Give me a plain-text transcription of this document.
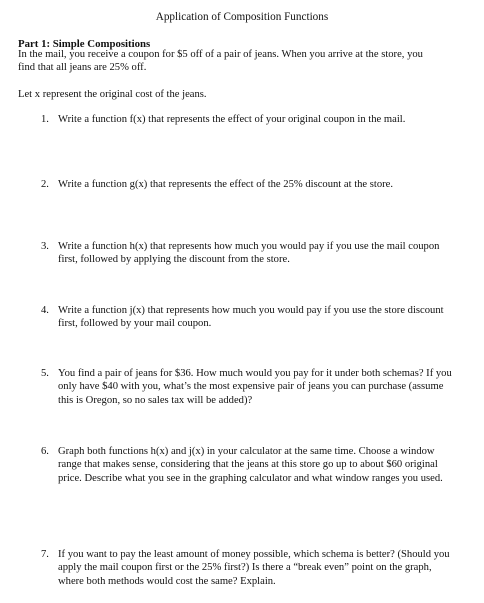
Application of Composition Functions
Part 1: Simple Compositions
In the mail, you receive a coupon for $5 off of a pair of jeans. When you arrive at the store, you find that all jeans are 25% off.
Let x represent the original cost of the jeans.
1. Write a function f(x) that represents the effect of your original coupon in the mail.
2. Write a function g(x) that represents the effect of the 25% discount at the store.
3. Write a function h(x) that represents how much you would pay if you use the mail coupon first, followed by applying the discount from the store.
4. Write a function j(x) that represents how much you would pay if you use the store discount first, followed by your mail coupon.
5. You find a pair of jeans for $36. How much would you pay for it under both schemas? If you only have $40 with you, what’s the most expensive pair of jeans you can purchase (assume this is Oregon, so no sales tax will be added)?
6. Graph both functions h(x) and j(x) in your calculator at the same time. Choose a window range that makes sense, considering that the jeans at this store go up to about $60 original price. Describe what you see in the graphing calculator and what window ranges you used.
7. If you want to pay the least amount of money possible, which schema is better? (Should you apply the mail coupon first or the 25% first?) Is there a “break even” point on the graph, where both methods would cost the same? Explain.
